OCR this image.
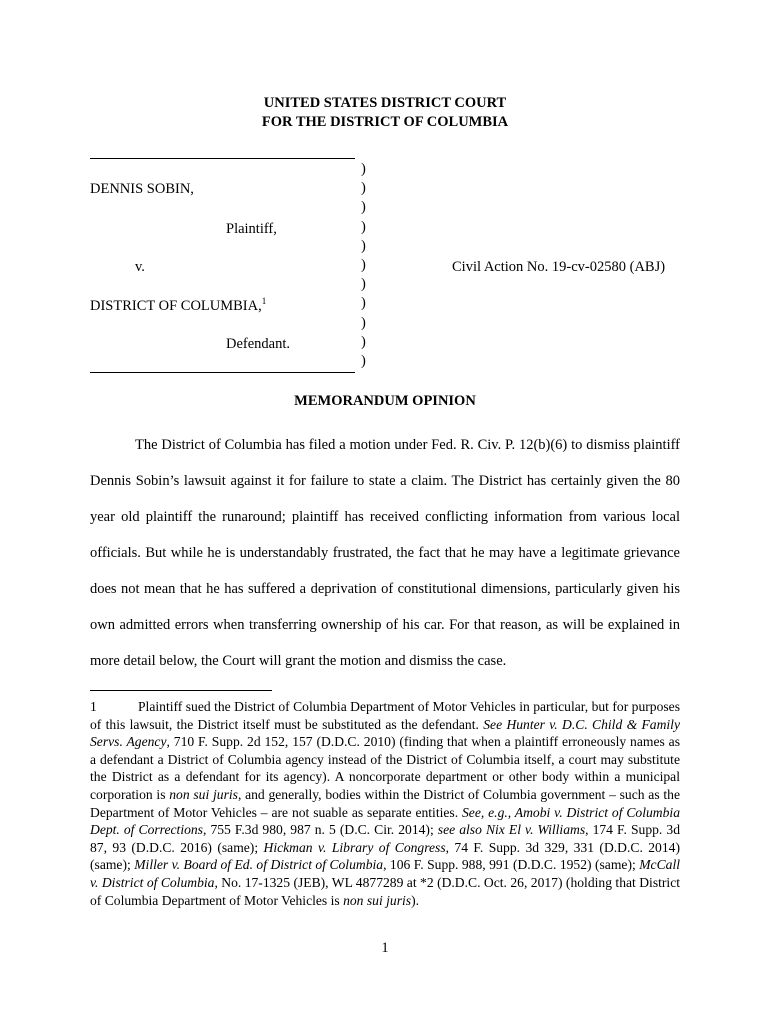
UNITED STATES DISTRICT COURT
FOR THE DISTRICT OF COLUMBIA
)
)
)
)
)
)
)
)
)
)
)
DENNIS SOBIN,
Plaintiff,
v.
DISTRICT OF COLUMBIA,$^1$
Defendant.
Civil Action No. 19-cv-02580 (ABJ)
MEMORANDUM OPINION

The District of Columbia has filed a motion under Fed. R. Civ. P. 12(b)(6) to dismiss plaintiff Dennis Sobin’s lawsuit against it for failure to state a claim. The District has certainly given the 80 year old plaintiff the runaround; plaintiff has received conflicting information from various local officials. But while he is understandably frustrated, the fact that he may have a legitimate grievance does not mean that he has suffered a deprivation of constitutional dimensions, particularly given his own admitted errors when transferring ownership of his car. For that reason, as will be explained in more detail below, the Court will grant the motion and dismiss the case.

1	Plaintiff sued the District of Columbia Department of Motor Vehicles in particular, but for purposes of this lawsuit, the District itself must be substituted as the defendant. See Hunter v. D.C. Child & Family Servs. Agency, 710 F. Supp. 2d 152, 157 (D.D.C. 2010) (finding that when a plaintiff erroneously names as a defendant a District of Columbia agency instead of the District of Columbia itself, a court may substitute the District as a defendant for its agency). A noncorporate department or other body within a municipal corporation is non sui juris, and generally, bodies within the District of Columbia government – such as the Department of Motor Vehicles – are not suable as separate entities. See, e.g., Amobi v. District of Columbia Dept. of Corrections, 755 F.3d 980, 987 n. 5 (D.C. Cir. 2014); see also Nix El v. Williams, 174 F. Supp. 3d 87, 93 (D.D.C. 2016) (same); Hickman v. Library of Congress, 74 F. Supp. 3d 329, 331 (D.D.C. 2014) (same); Miller v. Board of Ed. of District of Columbia, 106 F. Supp. 988, 991 (D.D.C. 1952) (same); McCall v. District of Columbia, No. 17-1325 (JEB), WL 4877289 at *2 (D.D.C. Oct. 26, 2017) (holding that District of Columbia Department of Motor Vehicles is non sui juris).

1
